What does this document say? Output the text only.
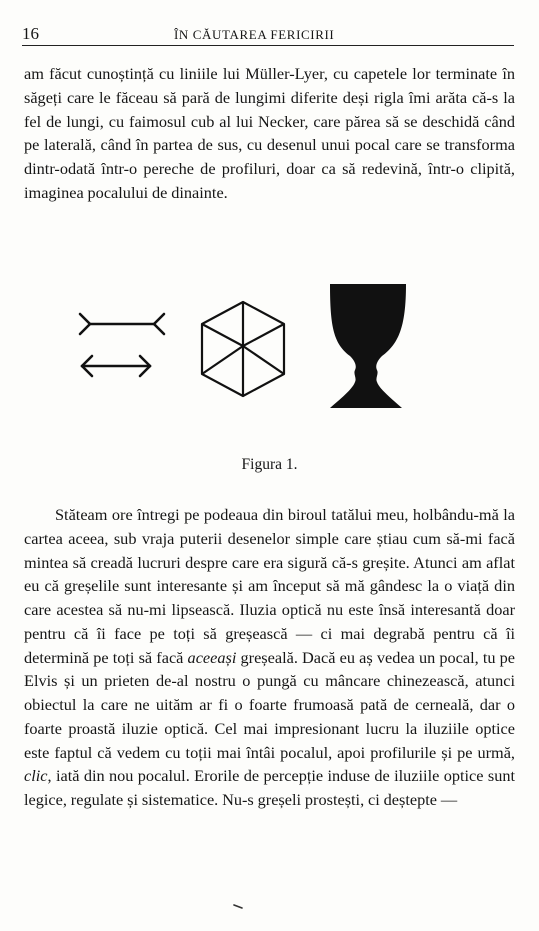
16	ÎN CĂUTAREA FERICIRII

am făcut cunoștință cu liniile lui Müller-Lyer, cu capetele lor terminate în săgeți care le făceau să pară de lungimi diferite deși rigla îmi arăta că-s la fel de lungi, cu faimosul cub al lui Necker, care părea să se deschidă când pe laterală, când în partea de sus, cu desenul unui pocal care se transforma dintr-odată într-o pereche de profiluri, doar ca să redevină, într-o clipită, imaginea pocalului de dinainte.

Figura 1.

Stăteam ore întregi pe podeaua din biroul tatălui meu, holbându-mă la cartea aceea, sub vraja puterii desenelor simple care știau cum să-mi facă mintea să creadă lucruri despre care era sigură că-s greșite. Atunci am aflat eu că greșelile sunt interesante și am început să mă gândesc la o viață din care acestea să nu-mi lipsească. Iluzia optică nu este însă interesantă doar pentru că îi face pe toți să greșească — ci mai degrabă pentru că îi determină pe toți să facă aceeași greșeală. Dacă eu aș vedea un pocal, tu pe Elvis și un prieten de-al nostru o pungă cu mâncare chinezească, atunci obiectul la care ne uităm ar fi o foarte frumoasă pată de cerneală, dar o foarte proastă iluzie optică. Cel mai impresionant lucru la iluziile optice este faptul că vedem cu toții mai întâi pocalul, apoi profilurile și pe urmă, clic, iată din nou pocalul. Erorile de percepție induse de iluziile optice sunt legice, regulate și sistematice. Nu-s greșeli prostești, ci deștepte —
